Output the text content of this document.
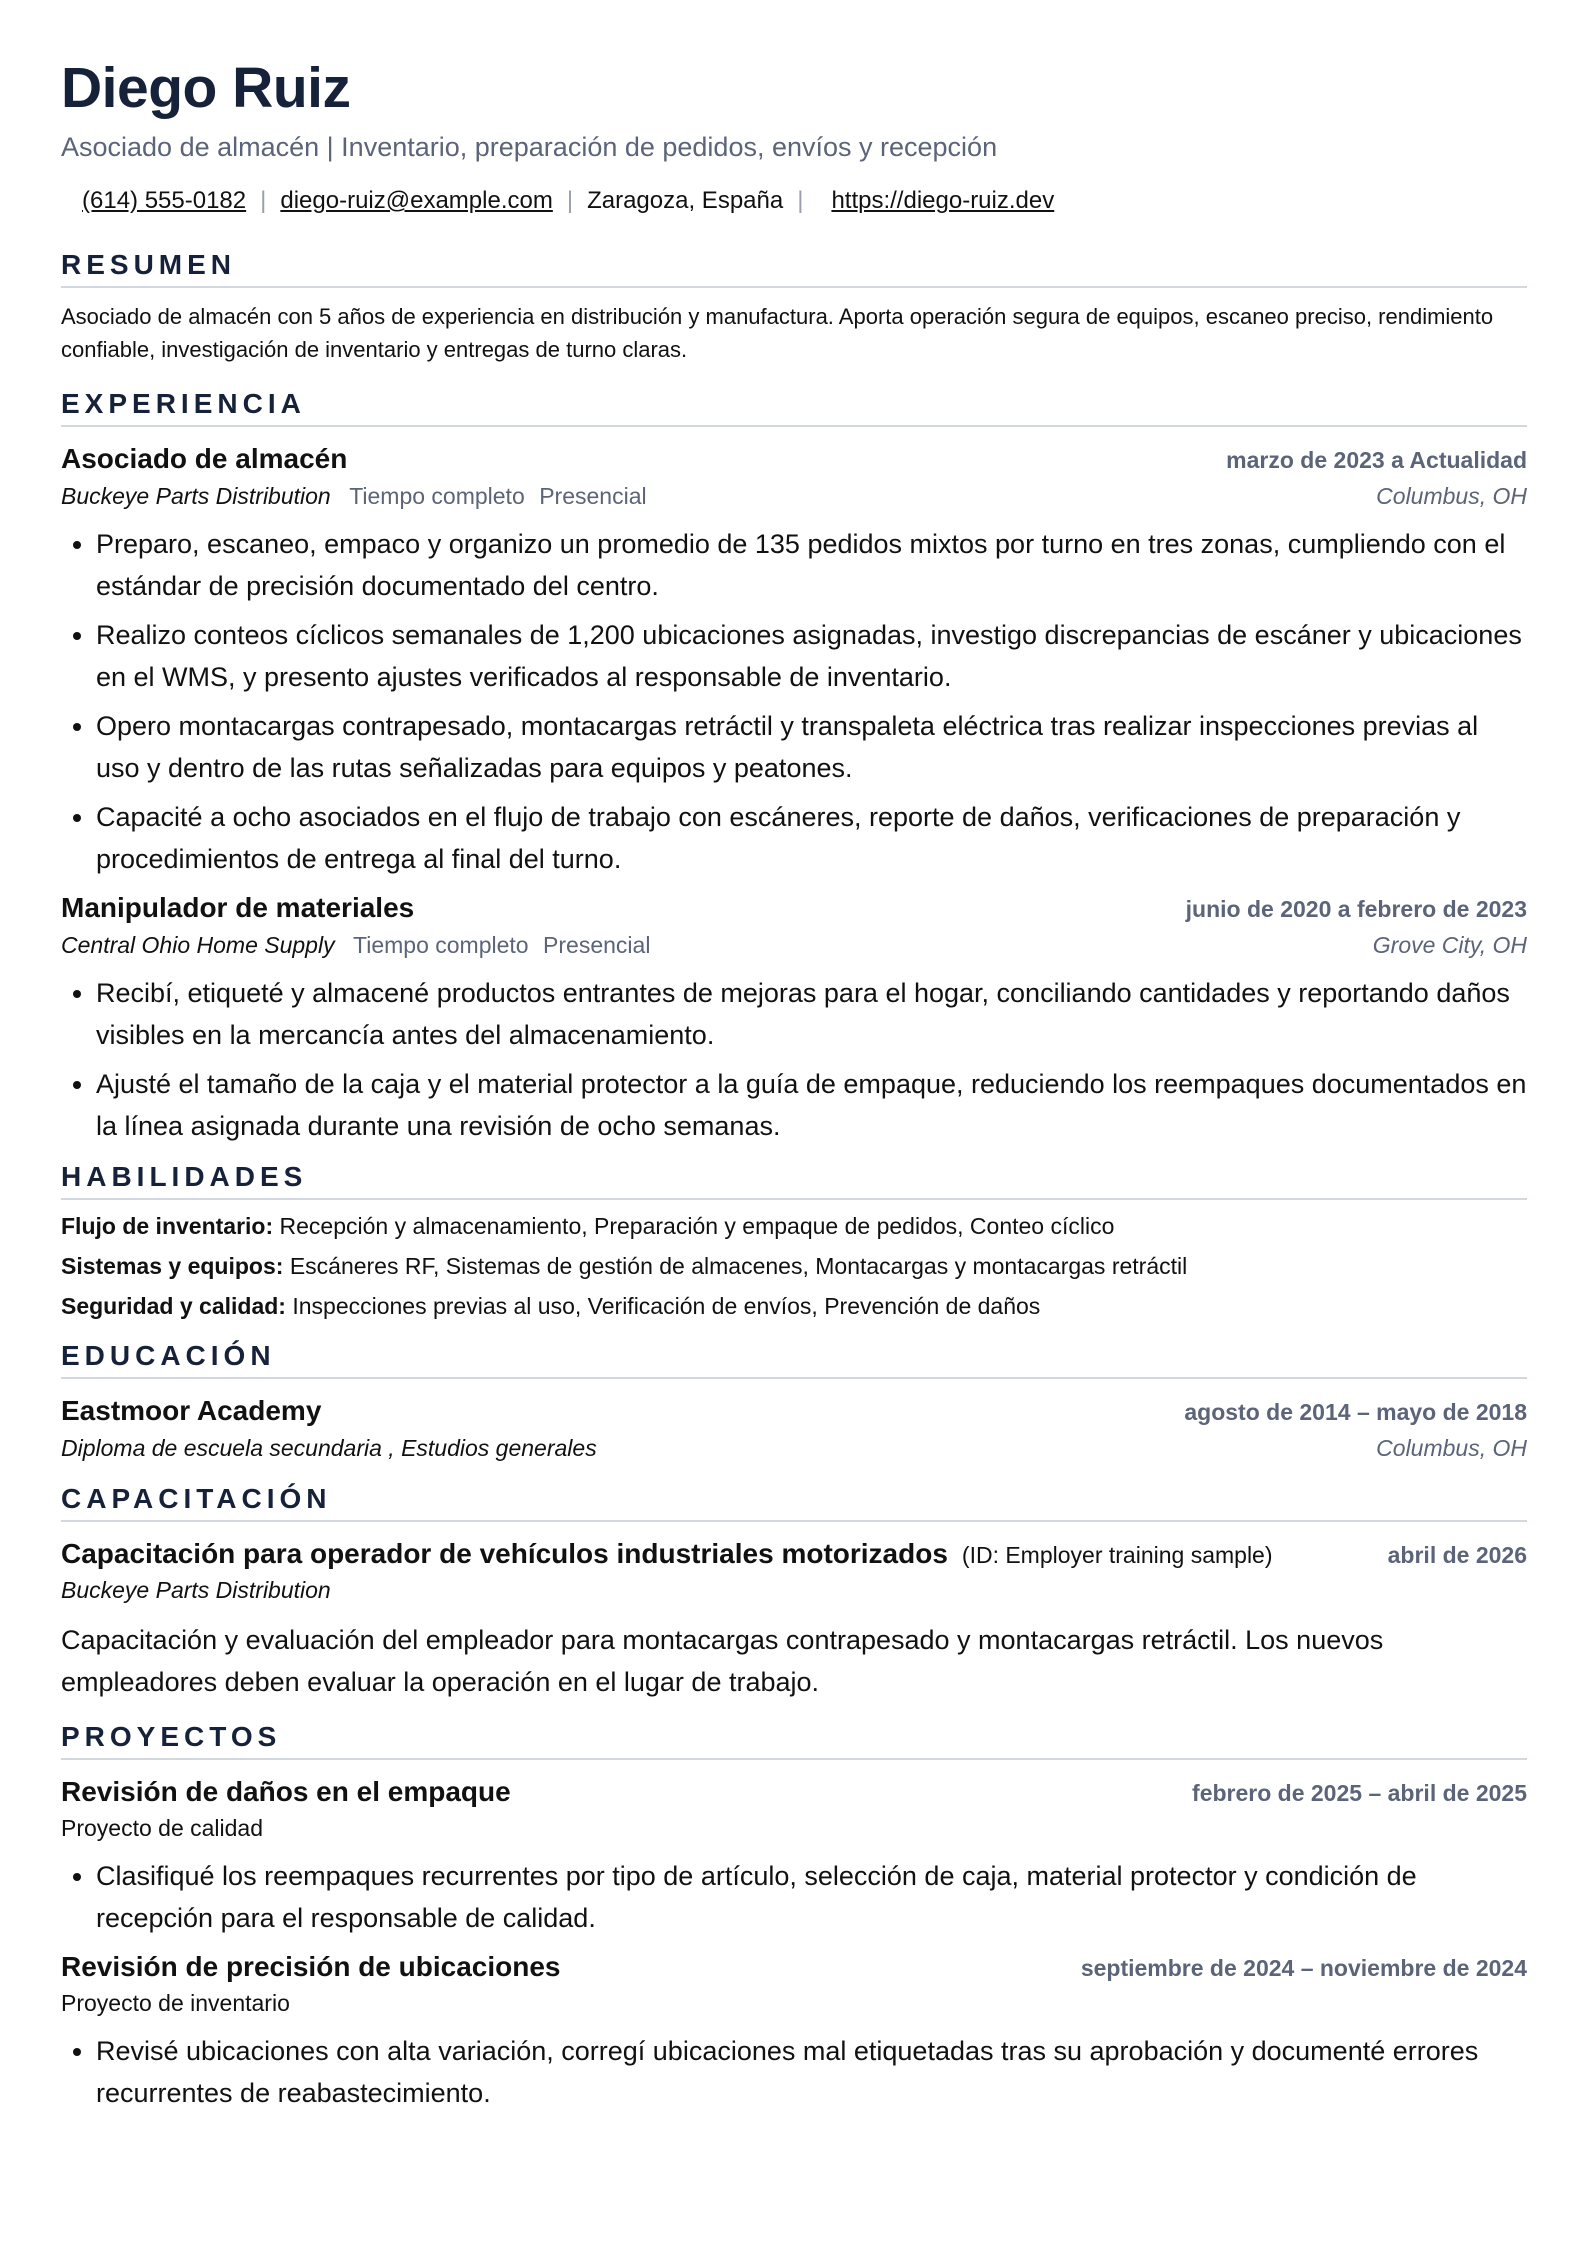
Diego Ruiz
Asociado de almacén | Inventario, preparación de pedidos, envíos y recepción
(614) 555-0182 | diego-ruiz@example.com | Zaragoza, España | https://diego-ruiz.dev
RESUMEN
Asociado de almacén con 5 años de experiencia en distribución y manufactura. Aporta operación segura de equipos, escaneo preciso, rendimiento confiable, investigación de inventario y entregas de turno claras.
EXPERIENCIA
Asociado de almacén	marzo de 2023 a Actualidad
Buckeye Parts Distribution Tiempo completo Presencial	Columbus, OH
• Preparo, escaneo, empaco y organizo un promedio de 135 pedidos mixtos por turno en tres zonas, cumpliendo con el estándar de precisión documentado del centro.
• Realizo conteos cíclicos semanales de 1,200 ubicaciones asignadas, investigo discrepancias de escáner y ubicaciones en el WMS, y presento ajustes verificados al responsable de inventario.
• Opero montacargas contrapesado, montacargas retráctil y transpaleta eléctrica tras realizar inspecciones previas al uso y dentro de las rutas señalizadas para equipos y peatones.
• Capacité a ocho asociados en el flujo de trabajo con escáneres, reporte de daños, verificaciones de preparación y procedimientos de entrega al final del turno.
Manipulador de materiales	junio de 2020 a febrero de 2023
Central Ohio Home Supply Tiempo completo Presencial	Grove City, OH
• Recibí, etiqueté y almacené productos entrantes de mejoras para el hogar, conciliando cantidades y reportando daños visibles en la mercancía antes del almacenamiento.
• Ajusté el tamaño de la caja y el material protector a la guía de empaque, reduciendo los reempaques documentados en la línea asignada durante una revisión de ocho semanas.
HABILIDADES
Flujo de inventario: Recepción y almacenamiento, Preparación y empaque de pedidos, Conteo cíclico
Sistemas y equipos: Escáneres RF, Sistemas de gestión de almacenes, Montacargas y montacargas retráctil
Seguridad y calidad: Inspecciones previas al uso, Verificación de envíos, Prevención de daños
EDUCACIÓN
Eastmoor Academy	agosto de 2014 – mayo de 2018
Diploma de escuela secundaria , Estudios generales	Columbus, OH
CAPACITACIÓN
Capacitación para operador de vehículos industriales motorizados (ID: Employer training sample)	abril de 2026
Buckeye Parts Distribution
Capacitación y evaluación del empleador para montacargas contrapesado y montacargas retráctil. Los nuevos empleadores deben evaluar la operación en el lugar de trabajo.
PROYECTOS
Revisión de daños en el empaque	febrero de 2025 – abril de 2025
Proyecto de calidad
• Clasifiqué los reempaques recurrentes por tipo de artículo, selección de caja, material protector y condición de recepción para el responsable de calidad.
Revisión de precisión de ubicaciones	septiembre de 2024 – noviembre de 2024
Proyecto de inventario
• Revisé ubicaciones con alta variación, corregí ubicaciones mal etiquetadas tras su aprobación y documenté errores recurrentes de reabastecimiento.
